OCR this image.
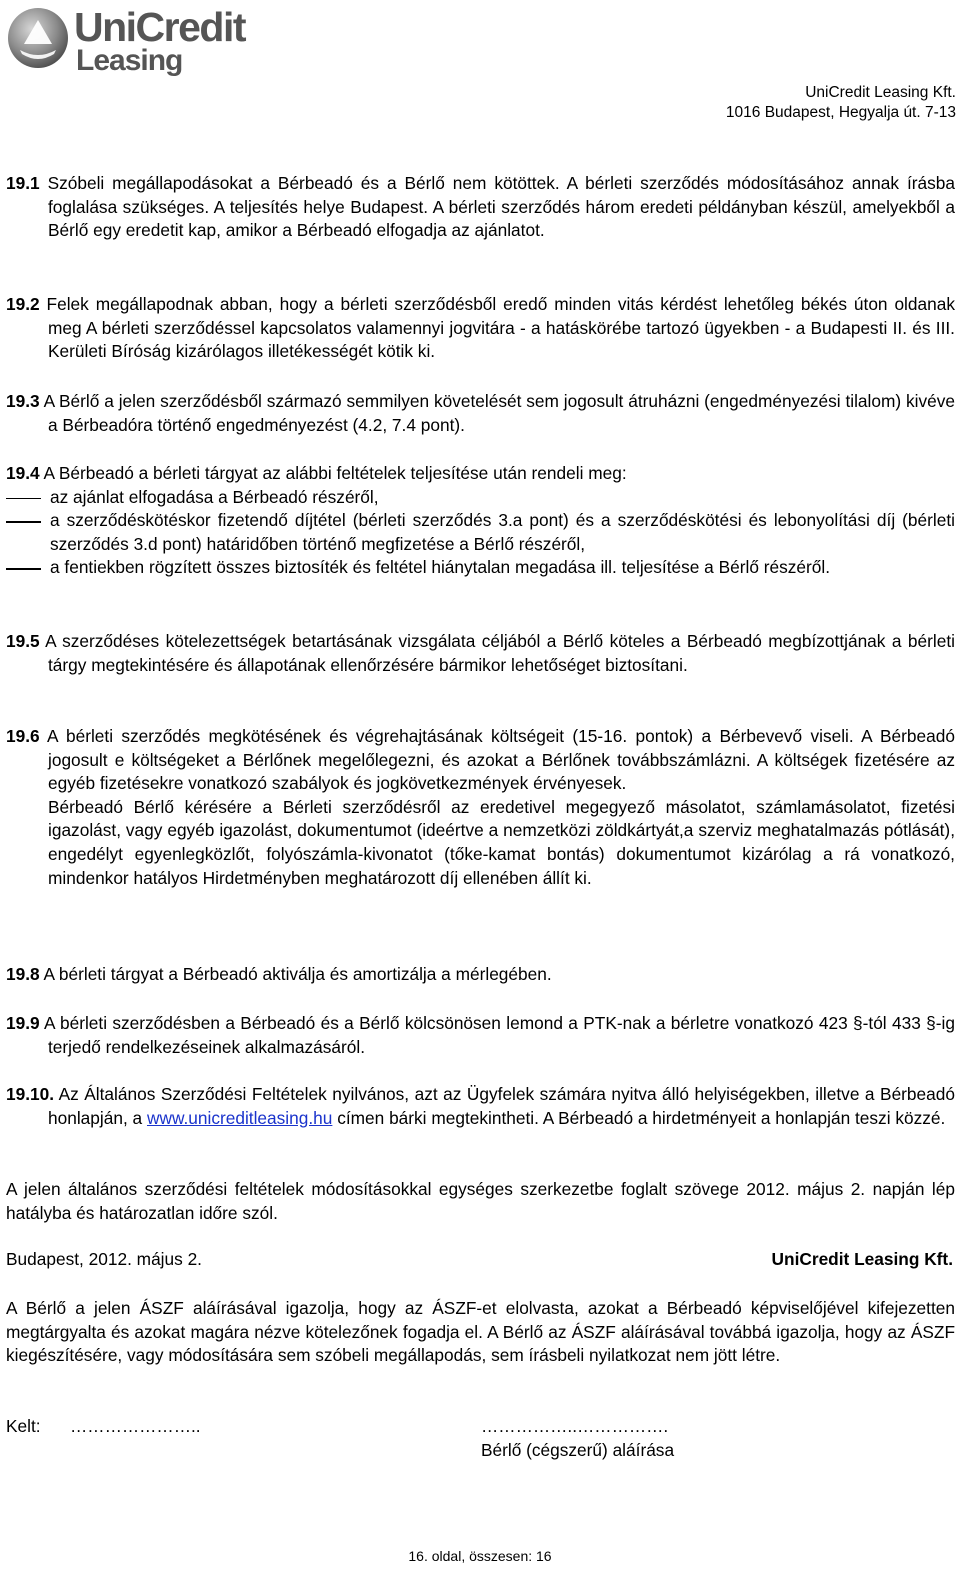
UniCredit
Leasing
UniCredit Leasing Kft.
1016 Budapest, Hegyalja út. 7-13

19.1 Szóbeli megállapodásokat a Bérbeadó és a Bérlő nem kötöttek. A bérleti szerződés módosításához annak írásba foglalása szükséges. A teljesítés helye Budapest. A bérleti szerződés három eredeti példányban készül, amelyekből a Bérlő egy eredetit kap, amikor a Bérbeadó elfogadja az ajánlatot.

19.2 Felek megállapodnak abban, hogy a bérleti szerződésből eredő minden vitás kérdést lehetőleg békés úton oldanak meg A bérleti szerződéssel kapcsolatos valamennyi jogvitára - a hatáskörébe tartozó ügyekben - a Budapesti II. és III. Kerületi Bíróság kizárólagos illetékességét kötik ki.

19.3 A Bérlő a jelen szerződésből származó semmilyen követelését sem jogosult átruházni (engedményezési tilalom) kivéve a Bérbeadóra történő engedményezést (4.2, 7.4 pont).

19.4 A Bérbeadó a bérleti tárgyat az alábbi feltételek teljesítése után rendeli meg:

az ajánlat elfogadása a Bérbeadó részéről,
a szerződéskötéskor fizetendő díjtétel (bérleti szerződés 3.a pont) és a szerződéskötési és lebonyolítási díj (bérleti szerződés 3.d pont) határidőben történő megfizetése a Bérlő részéről,
a fentiekben rögzített összes biztosíték és feltétel hiánytalan megadása ill. teljesítése a Bérlő részéről.

19.5 A szerződéses kötelezettségek betartásának vizsgálata céljából a Bérlő köteles a Bérbeadó megbízottjának a bérleti tárgy megtekintésére és állapotának ellenőrzésére bármikor lehetőséget biztosítani.

19.6 A bérleti szerződés megkötésének és végrehajtásának költségeit (15-16. pontok) a Bérbevevő viseli. A Bérbeadó jogosult e költségeket a Bérlőnek megelőlegezni, és azokat a Bérlőnek továbbszámlázni. A költségek fizetésére az egyéb fizetésekre vonatkozó szabályok és jogkövetkezmények érvényesek.

Bérbeadó Bérlő kérésére a Bérleti szerződésről az eredetivel megegyező másolatot, számlamásolatot, fizetési igazolást, vagy egyéb igazolást, dokumentumot (ideértve a nemzetközi zöldkártyát,a szerviz meghatalmazás pótlását), engedélyt egyenlegközlőt, folyószámla-kivonatot (tőke-kamat bontás) dokumentumot kizárólag a rá vonatkozó, mindenkor hatályos Hirdetményben meghatározott díj ellenében állít ki.

19.8 A bérleti tárgyat a Bérbeadó aktiválja és amortizálja a mérlegében.

19.9 A bérleti szerződésben a Bérbeadó és a Bérlő kölcsönösen lemond a PTK-nak a bérletre vonatkozó 423 §-tól 433 §-ig terjedő rendelkezéseinek alkalmazásáról.

19.10. Az Általános Szerződési Feltételek nyilvános, azt az Ügyfelek számára nyitva álló helyiségekben, illetve a Bérbeadó honlapján, a www.unicreditleasing.hu címen bárki megtekintheti. A Bérbeadó a hirdetményeit a honlapján teszi közzé.

A jelen általános szerződési feltételek módosításokkal egységes szerkezetbe foglalt szövege 2012. május 2. napján lép hatályba és határozatlan időre szól.

Budapest, 2012. május 2.	UniCredit Leasing Kft.

A Bérlő a jelen ÁSZF aláírásával igazolja, hogy az ÁSZF-et elolvasta, azokat a Bérbeadó képviselőjével kifejezetten megtárgyalta és azokat magára nézve kötelezőnek fogadja el. A Bérlő az ÁSZF aláírásával továbbá igazolja, hogy az ÁSZF kiegészítésére, vagy módosítására sem szóbeli megállapodás, sem írásbeli nyilatkozat nem jött létre.

Kelt: …………………..	……………..…………….
Bérlő (cégszerű) aláírása
16. oldal, összesen: 16
